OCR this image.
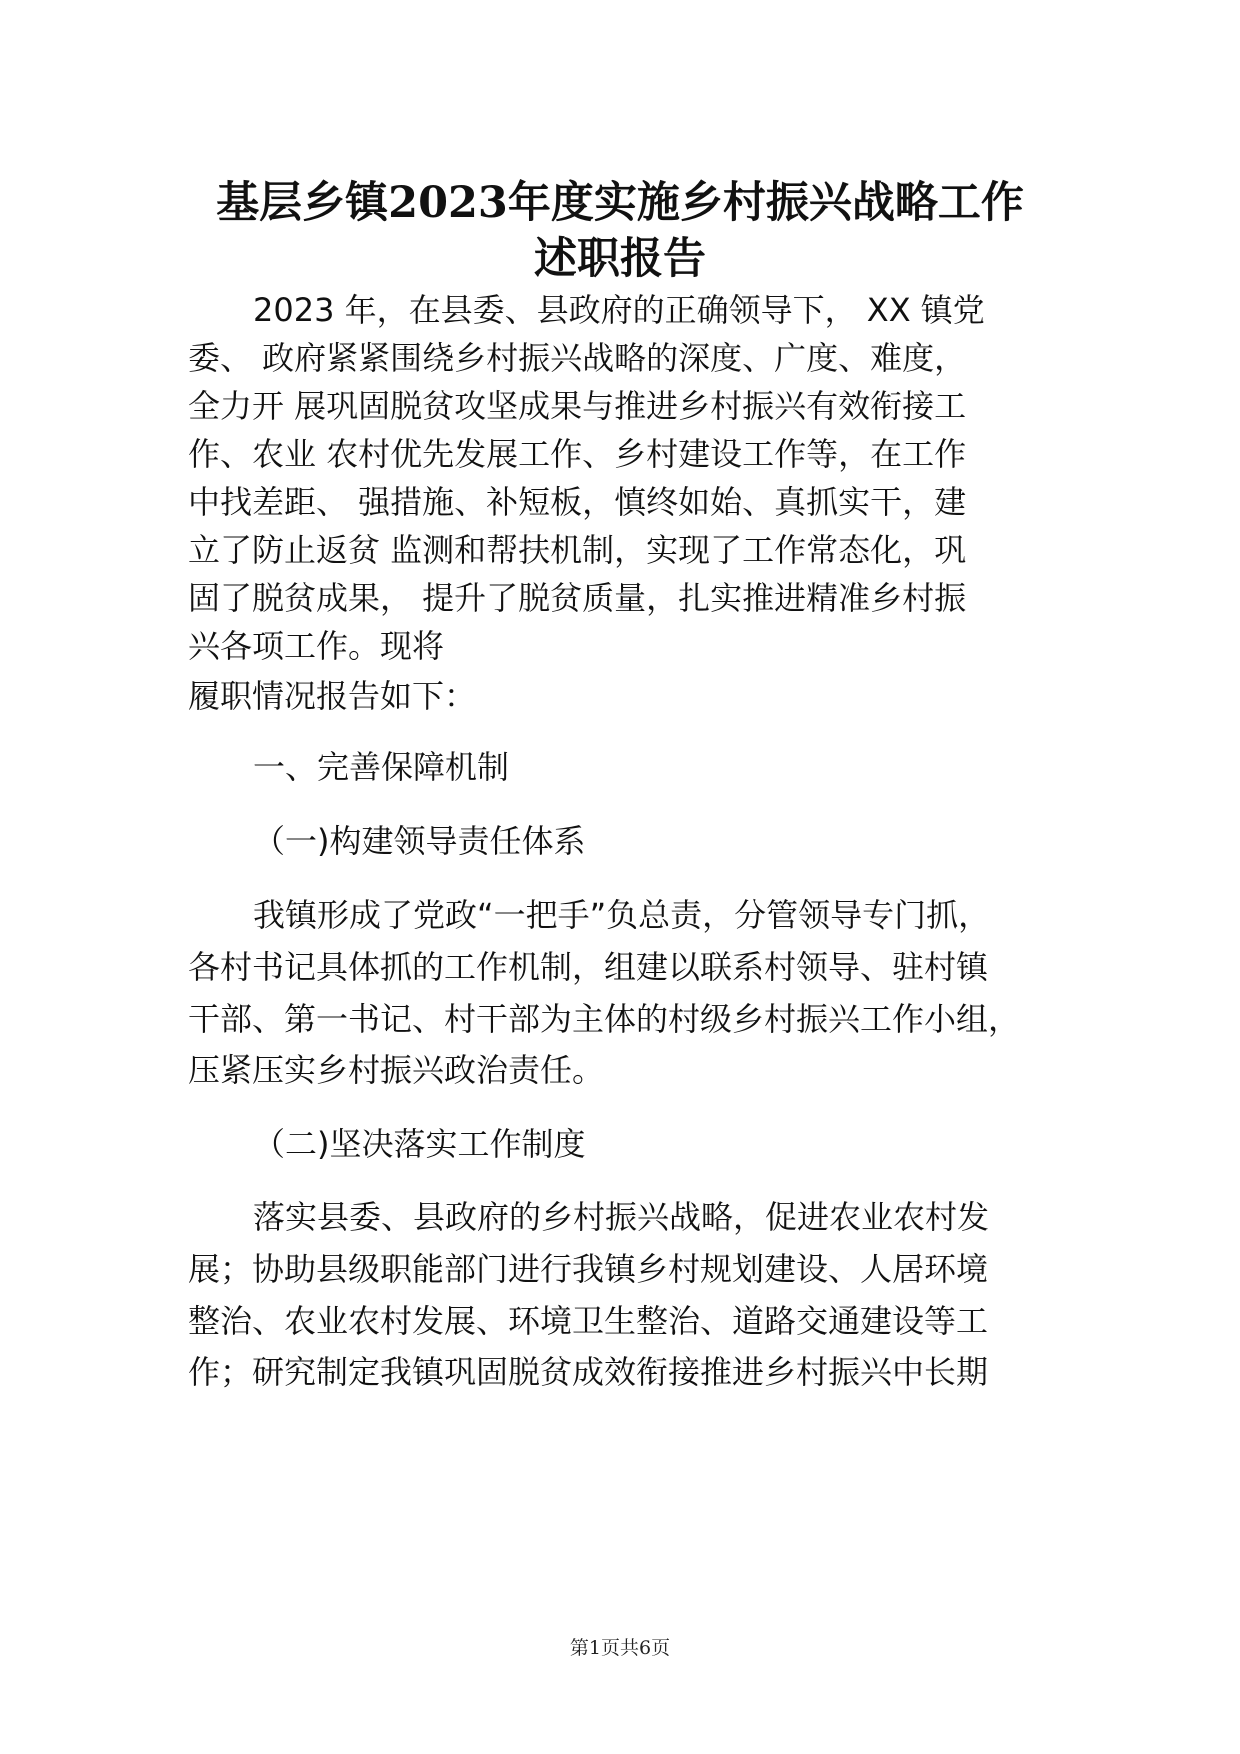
基层乡镇2023年度实施乡村振兴战略工作
述职报告

2023 年，在县委、县政府的正确领导下， XX 镇党

委、 政府紧紧围绕乡村振兴战略的深度、广度、难度，

全力开 展巩固脱贫攻坚成果与推进乡村振兴有效衔接工

作、农业 农村优先发展工作、乡村建设工作等，在工作

中找差距、 强措施、补短板，慎终如始、真抓实干，建

立了防止返贫 监测和帮扶机制，实现了工作常态化，巩

固了脱贫成果， 提升了脱贫质量，扎实推进精准乡村振

兴各项工作。现将

履职情况报告如下：

一、完善保障机制

（一)构建领导责任体系

我镇形成了党政“一把手”负总责，分管领导专门抓，

各村书记具体抓的工作机制，组建以联系村领导、驻村镇

干部、第一书记、村干部为主体的村级乡村振兴工作小组，

压紧压实乡村振兴政治责任。

（二)坚决落实工作制度

落实县委、县政府的乡村振兴战略，促进农业农村发

展；协助县级职能部门进行我镇乡村规划建设、人居环境

整治、农业农村发展、环境卫生整治、道路交通建设等工

作；研究制定我镇巩固脱贫成效衔接推进乡村振兴中长期

第1页共6页
